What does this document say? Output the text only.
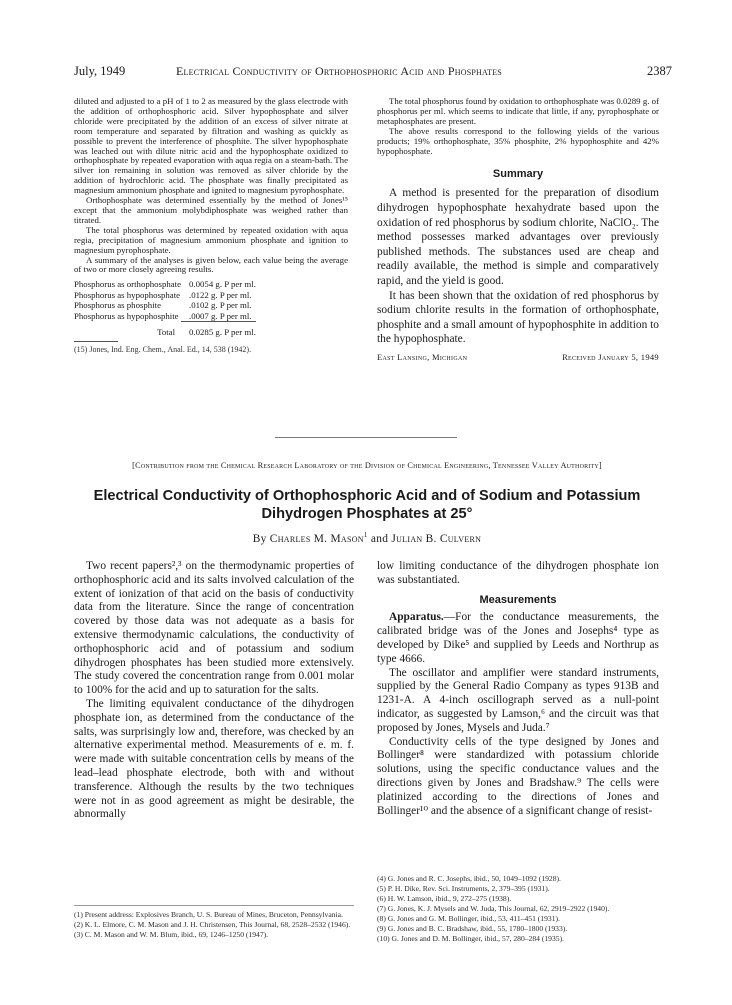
July, 1949	Electrical Conductivity of Orthophosphoric Acid and Phosphates	2387

diluted and adjusted to a pH of 1 to 2 as measured by the glass electrode with the addition of orthophosphoric acid. Silver hypophosphate and silver chloride were precipitated by the addition of an excess of silver nitrate at room temperature and separated by filtration and washing as quickly as possible to prevent the interference of phosphite. The silver hypophosphate was leached out with dilute nitric acid and the hypophosphate oxidized to orthophosphate by repeated evaporation with aqua regia on a steam-bath. The silver ion remaining in solution was removed as silver chloride by the addition of hydrochloric acid. The phosphate was finally precipitated as magnesium ammonium phosphate and ignited to magnesium pyrophosphate.

Orthophosphate was determined essentially by the method of Jones¹⁵ except that the ammonium molybdiphosphate was weighed rather than titrated.

The total phosphorus was determined by repeated oxidation with aqua regia, precipitation of magnesium ammonium phosphate and ignition to magnesium pyrophosphate.

A summary of the analyses is given below, each value being the average of two or more closely agreeing results.

Phosphorus as orthophosphate	0.0054 g. P per ml.
Phosphorus as hypophosphate	.0122 g. P per ml.
Phosphorus as phosphite	.0102 g. P per ml.
Phosphorus as hypophosphite	.0007 g. P per ml.
Total	0.0285 g. P per ml.
(15) Jones, Ind. Eng. Chem., Anal. Ed., 14, 538 (1942).

The total phosphorus found by oxidation to orthophosphate was 0.0289 g. of phosphorus per ml. which seems to indicate that little, if any, pyrophosphate or metaphosphates are present.

The above results correspond to the following yields of the various products; 19% orthophosphate, 35% phosphite, 2% hypophosphite and 42% hypophosphate.

Summary

A method is presented for the preparation of disodium dihydrogen hypophosphate hexahydrate based upon the oxidation of red phosphorus by sodium chlorite, NaClO₂. The method possesses marked advantages over previously published methods. The substances used are cheap and readily available, the method is simple and comparatively rapid, and the yield is good.

It has been shown that the oxidation of red phosphorus by sodium chlorite results in the formation of orthophosphate, phosphite and a small amount of hypophosphite in addition to the hypophosphate.

East Lansing, Michigan	Received January 5, 1949
[Contribution from the Chemical Research Laboratory of the Division of Chemical Engineering, Tennessee Valley Authority]
Electrical Conductivity of Orthophosphoric Acid and of Sodium and Potassium Dihydrogen Phosphates at 25°
By Charles M. Mason$^1$ and Julian B. Culvern

Two recent papers²,³ on the thermodynamic properties of orthophosphoric acid and its salts involved calculation of the extent of ionization of that acid on the basis of conductivity data from the literature. Since the range of concentration covered by those data was not adequate as a basis for extensive thermodynamic calculations, the conductivity of orthophosphoric acid and of potassium and sodium dihydrogen phosphates has been studied more extensively. The study covered the concentration range from 0.001 molar to 100% for the acid and up to saturation for the salts.

The limiting equivalent conductance of the dihydrogen phosphate ion, as determined from the conductance of the salts, was surprisingly low and, therefore, was checked by an alternative experimental method. Measurements of e. m. f. were made with suitable concentration cells by means of the lead–lead phosphate electrode, both with and without transference. Although the results by the two techniques were not in as good agreement as might be desirable, the abnormally

(1) Present address: Explosives Branch, U. S. Bureau of Mines, Bruceton, Pennsylvania.

(2) K. L. Elmore, C. M. Mason and J. H. Christensen, This Journal, 68, 2528–2532 (1946).

(3) C. M. Mason and W. M. Blum, ibid., 69, 1246–1250 (1947).

low limiting conductance of the dihydrogen phosphate ion was substantiated.

Measurements

Apparatus.—For the conductance measurements, the calibrated bridge was of the Jones and Josephs⁴ type as developed by Dike⁵ and supplied by Leeds and Northrup as type 4666.

The oscillator and amplifier were standard instruments, supplied by the General Radio Company as types 913B and 1231-A. A 4-inch oscillograph served as a null-point indicator, as suggested by Lamson,⁶ and the circuit was that proposed by Jones, Mysels and Juda.⁷

Conductivity cells of the type designed by Jones and Bollinger⁸ were standardized with potassium chloride solutions, using the specific conductance values and the directions given by Jones and Bradshaw.⁹ The cells were platinized according to the directions of Jones and Bollinger¹⁰ and the absence of a significant change of resist-

(4) G. Jones and R. C. Josephs, ibid., 50, 1049–1092 (1928).

(5) P. H. Dike, Rev. Sci. Instruments, 2, 379–395 (1931).

(6) H. W. Lamson, ibid., 9, 272–275 (1938).

(7) G. Jones, K. J. Mysels and W. Juda, This Journal, 62, 2919–2922 (1940).

(8) G. Jones and G. M. Bollinger, ibid., 53, 411–451 (1931).

(9) G. Jones and B. C. Bradshaw, ibid., 55, 1780–1800 (1933).

(10) G. Jones and D. M. Bollinger, ibid., 57, 280–284 (1935).
